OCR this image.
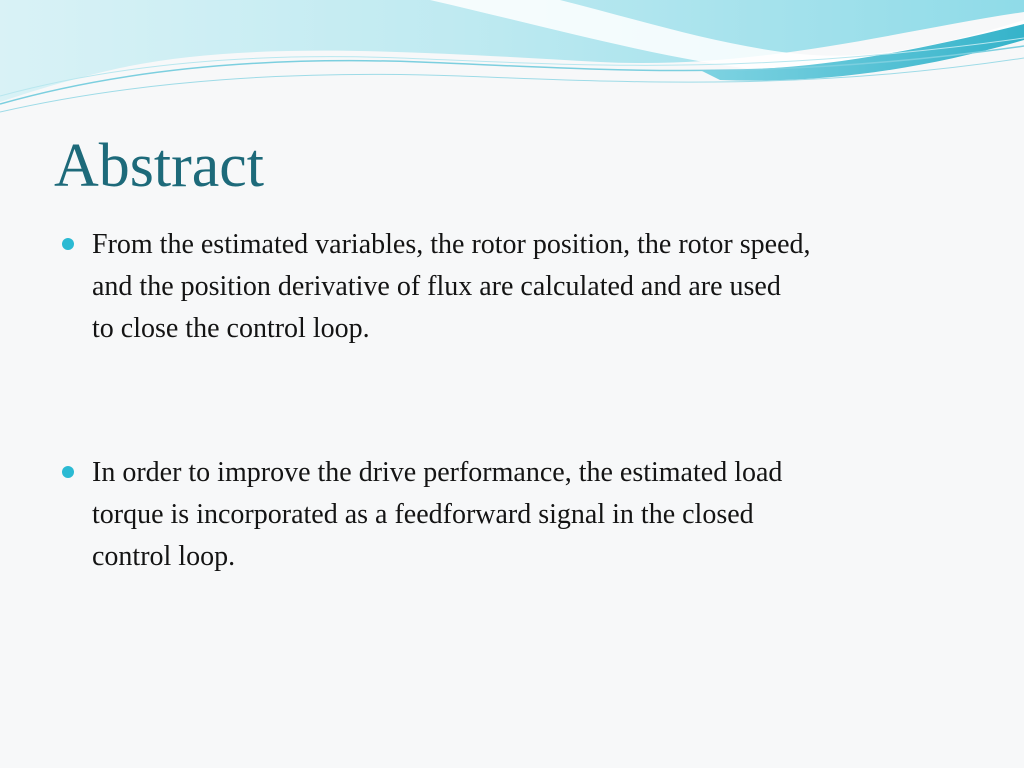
Abstract
From the estimated variables, the rotor position, the rotor speed,
and the position derivative of flux are calculated and are used
to close the control loop.
In order to improve the drive performance, the estimated load
torque is incorporated as a feedforward signal in the closed
control loop.
